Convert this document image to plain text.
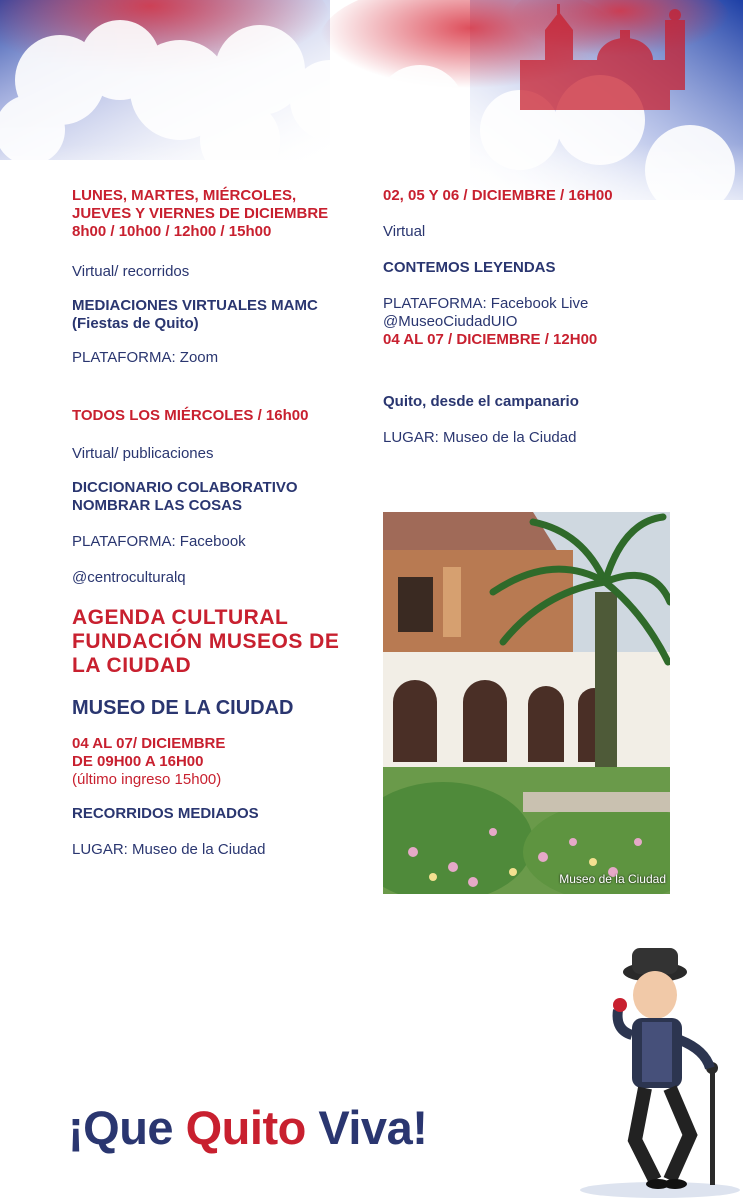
LUNES, MARTES, MIÉRCOLES,
JUEVES Y VIERNES DE DICIEMBRE
8h00 / 10h00 / 12h00 / 15h00
Virtual/ recorridos
MEDIACIONES VIRTUALES MAMC
(Fiestas de Quito)
PLATAFORMA: Zoom
TODOS LOS MIÉRCOLES / 16h00
Virtual/ publicaciones
DICCIONARIO COLABORATIVO
NOMBRAR LAS COSAS
PLATAFORMA: Facebook
@centroculturalq
AGENDA CULTURAL
FUNDACIÓN MUSEOS DE
LA CIUDAD
MUSEO DE LA CIUDAD
04 AL 07/ DICIEMBRE
DE 09H00 A 16H00
(último ingreso 15h00)
RECORRIDOS MEDIADOS
LUGAR: Museo de la Ciudad
02, 05 Y 06 / DICIEMBRE / 16H00
Virtual
CONTEMOS LEYENDAS
PLATAFORMA: Facebook Live
@MuseoCiudadUIO
04 AL 07 / DICIEMBRE / 12H00
Quito, desde el campanario
LUGAR: Museo de la Ciudad
Museo de la Ciudad
¡Que Quito Viva!
